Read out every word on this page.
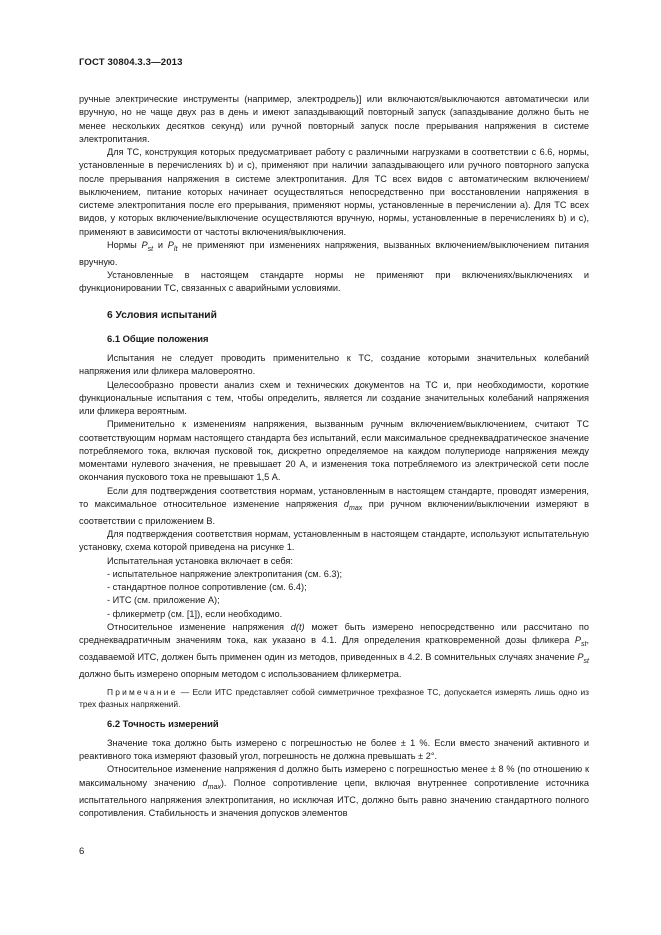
ГОСТ 30804.3.3—2013

ручные электрические инструменты (например, электродрель)] или включаются/выключаются автоматически или вручную, но не чаще двух раз в день и имеют запаздывающий повторный запуск (запаздывание должно быть не менее нескольких десятков секунд) или ручной повторный запуск после прерывания напряжения в системе электропитания.

Для ТС, конструкция которых предусматривает работу с различными нагрузками в соответствии с 6.6, нормы, установленные в перечислениях b) и с), применяют при наличии запаздывающего или ручного повторного запуска после прерывания напряжения в системе электропитания. Для ТС всех видов с автоматическим включением/выключением, питание которых начинает осуществляться непосредственно при восстановлении напряжения в системе электропитания после его прерывания, применяют нормы, установленные в перечислении а). Для ТС всех видов, у которых включение/выключение осуществляются вручную, нормы, установленные в перечислениях b) и c), применяют в зависимости от частоты включения/выключения.

Нормы $P_{st}$ и $P_{lt}$ не применяют при изменениях напряжения, вызванных включением/выключением питания вручную.

Установленные в настоящем стандарте нормы не применяют при включениях/выключениях и функционировании ТС, связанных с аварийными условиями.

6 Условия испытаний

6.1 Общие положения

Испытания не следует проводить применительно к ТС, создание которыми значительных колебаний напряжения или фликера маловероятно.

Целесообразно провести анализ схем и технических документов на ТС и, при необходимости, короткие функциональные испытания с тем, чтобы определить, является ли создание значительных колебаний напряжения или фликера вероятным.

Применительно к изменениям напряжения, вызванным ручным включением/выключением, считают ТС соответствующим нормам настоящего стандарта без испытаний, если максимальное среднеквадратическое значение потребляемого тока, включая пусковой ток, дискретно определяемое на каждом полупериоде напряжения между моментами нулевого значения, не превышает 20 А, и изменения тока потребляемого из электрической сети после окончания пускового тока не превышают 1,5 А.

Если для подтверждения соответствия нормам, установленным в настоящем стандарте, проводят измерения, то максимальное относительное изменение напряжения $d_{max}$ при ручном включении/выключении измеряют в соответствии с приложением В.

Для подтверждения соответствия нормам, установленным в настоящем стандарте, используют испытательную установку, схема которой приведена на рисунке 1.

Испытательная установка включает в себя:

- испытательное напряжение электропитания (см. 6.3);

- стандартное полное сопротивление (см. 6.4);

- ИТС (см. приложение А);

- фликерметр (см. [1]), если необходимо.

Относительное изменение напряжения d(t) может быть измерено непосредственно или рассчитано по среднеквадратичным значениям тока, как указано в 4.1. Для определения кратковременной дозы фликера $P_{st}$, создаваемой ИТС, должен быть применен один из методов, приведенных в 4.2. В сомнительных случаях значение $P_{st}$ должно быть измерено опорным методом с использованием фликерметра.

Примечание — Если ИТС представляет собой симметричное трехфазное ТС, допускается измерять лишь одно из трех фазных напряжений.

6.2 Точность измерений

Значение тока должно быть измерено с погрешностью не более ± 1 %. Если вместо значений активного и реактивного тока измеряют фазовый угол, погрешность не должна превышать ± 2°.

Относительное изменение напряжения d должно быть измерено с погрешностью менее ± 8 % (по отношению к максимальному значению $d_{max}$). Полное сопротивление цепи, включая внутреннее сопротивление источника испытательного напряжения электропитания, но исключая ИТС, должно быть равно значению стандартного полного сопротивления. Стабильность и значения допусков элементов

6
